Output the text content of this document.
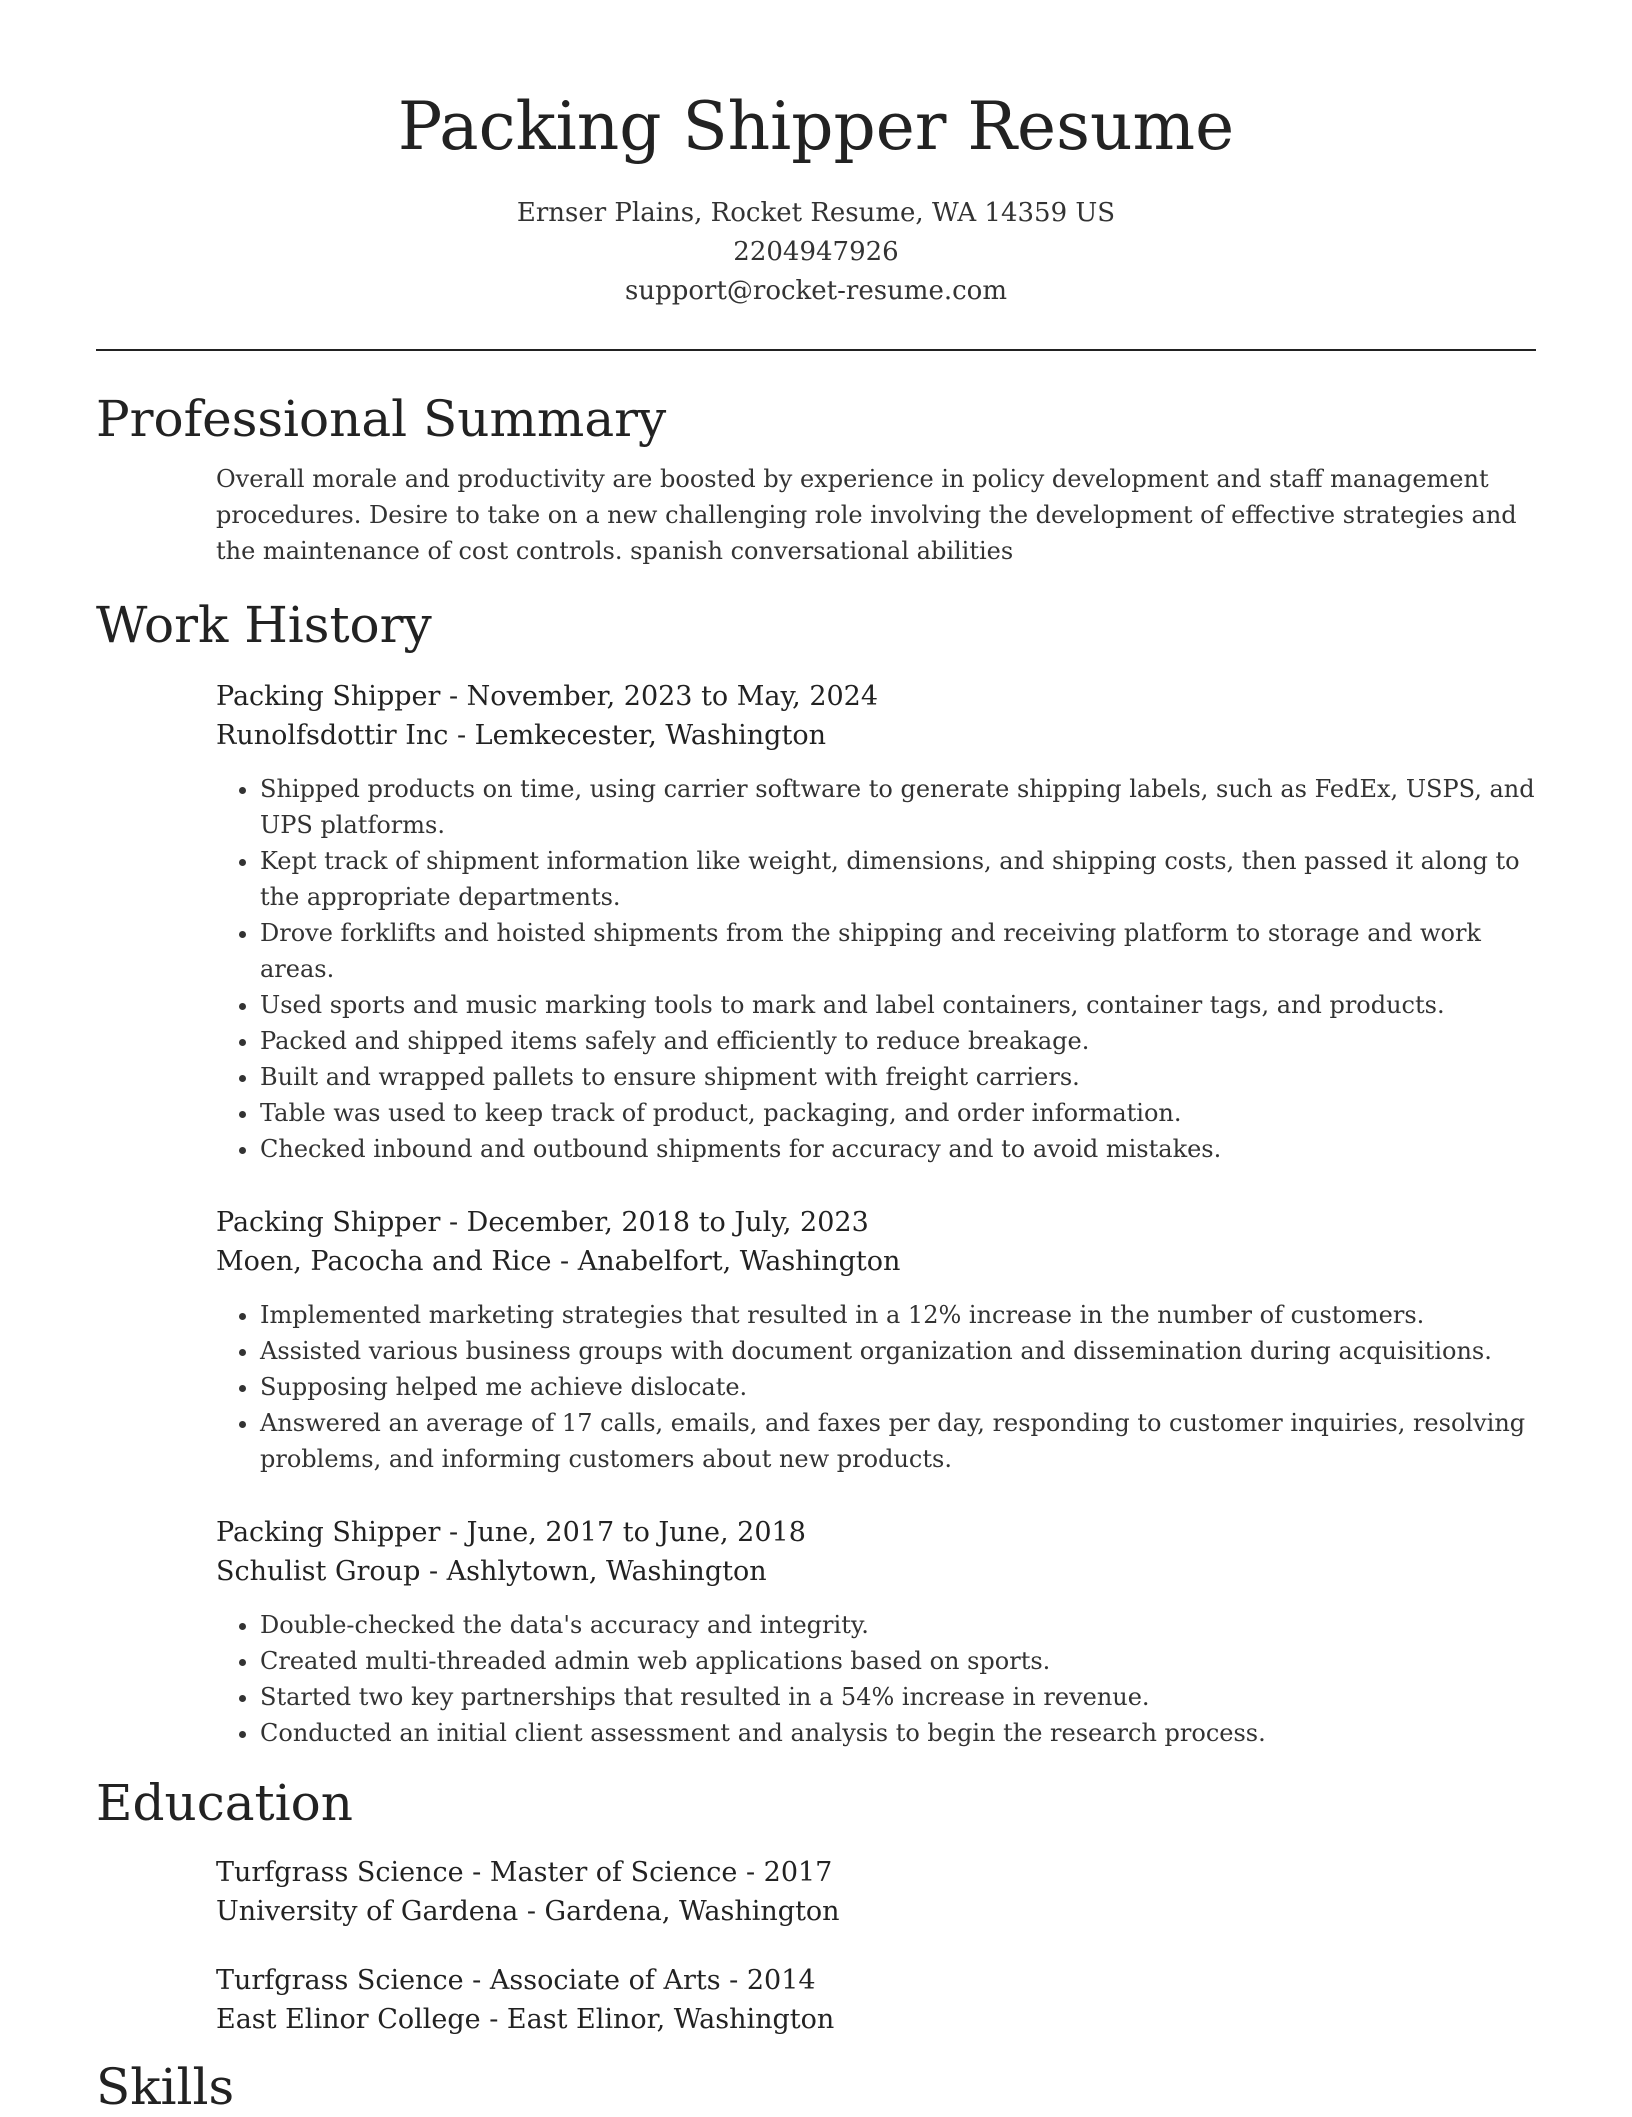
Packing Shipper Resume
Ernser Plains, Rocket Resume, WA 14359 US
2204947926
support@rocket-resume.com
Professional Summary
Overall morale and productivity are boosted by experience in policy development and staff management procedures. Desire to take on a new challenging role involving the development of effective strategies and the maintenance of cost controls. spanish conversational abilities
Work History
Packing Shipper - November, 2023 to May, 2024
Runolfsdottir Inc - Lemkecester, Washington
• Shipped products on time, using carrier software to generate shipping labels, such as FedEx, USPS, and UPS platforms.
• Kept track of shipment information like weight, dimensions, and shipping costs, then passed it along to the appropriate departments.
• Drove forklifts and hoisted shipments from the shipping and receiving platform to storage and work areas.
• Used sports and music marking tools to mark and label containers, container tags, and products.
• Packed and shipped items safely and efficiently to reduce breakage.
• Built and wrapped pallets to ensure shipment with freight carriers.
• Table was used to keep track of product, packaging, and order information.
• Checked inbound and outbound shipments for accuracy and to avoid mistakes.
Packing Shipper - December, 2018 to July, 2023
Moen, Pacocha and Rice - Anabelfort, Washington
• Implemented marketing strategies that resulted in a 12% increase in the number of customers.
• Assisted various business groups with document organization and dissemination during acquisitions.
• Supposing helped me achieve dislocate.
• Answered an average of 17 calls, emails, and faxes per day, responding to customer inquiries, resolving problems, and informing customers about new products.
Packing Shipper - June, 2017 to June, 2018
Schulist Group - Ashlytown, Washington
• Double-checked the data's accuracy and integrity.
• Created multi-threaded admin web applications based on sports.
• Started two key partnerships that resulted in a 54% increase in revenue.
• Conducted an initial client assessment and analysis to begin the research process.
Education
Turfgrass Science - Master of Science - 2017
University of Gardena - Gardena, Washington
Turfgrass Science - Associate of Arts - 2014
East Elinor College - East Elinor, Washington
Skills
